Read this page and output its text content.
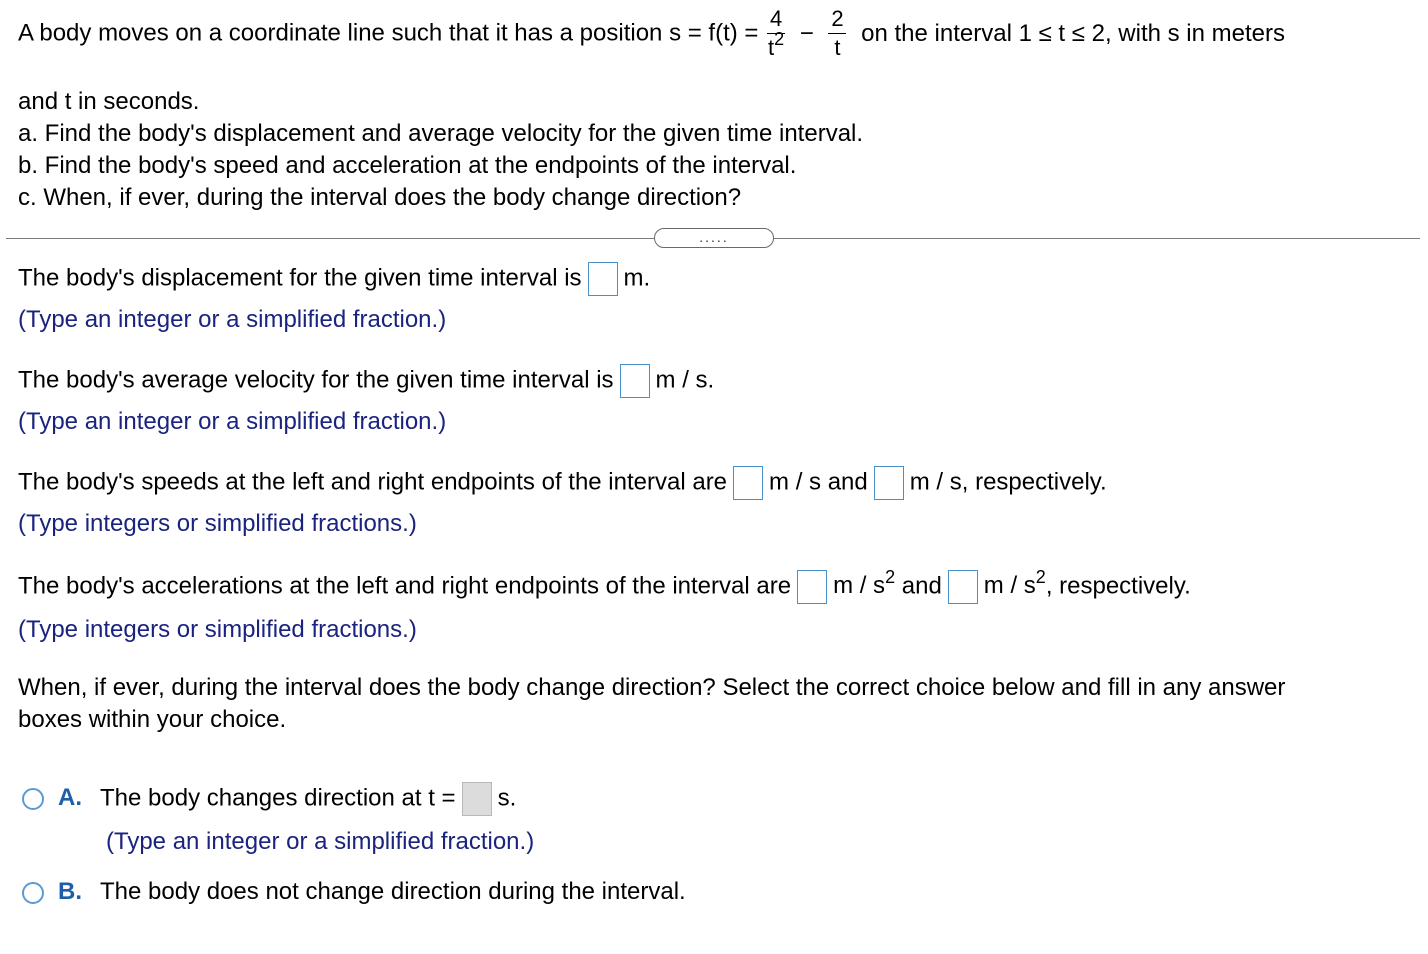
A body moves on a coordinate line such that it has a position $s = f(t) = \frac{4}{t^2} - \frac{2}{t}$ on the interval 1 ≤ t ≤ 2, with s in meters
and t in seconds.
a. Find the body's displacement and average velocity for the given time interval.
b. Find the body's speed and acceleration at the endpoints of the interval.
c. When, if ever, during the interval does the body change direction?
.....
The body's displacement for the given time interval is m.
(Type an integer or a simplified fraction.)
The body's average velocity for the given time interval is m / s.
(Type an integer or a simplified fraction.)
The body's speeds at the left and right endpoints of the interval are m / s and m / s, respectively.
(Type integers or simplified fractions.)
The body's accelerations at the left and right endpoints of the interval are m / $s^2$ and m / $s^2$, respectively.
(Type integers or simplified fractions.)
When, if ever, during the interval does the body change direction? Select the correct choice below and fill in any answer
boxes within your choice.
A. The body changes direction at t = s.
(Type an integer or a simplified fraction.)
B. The body does not change direction during the interval.
